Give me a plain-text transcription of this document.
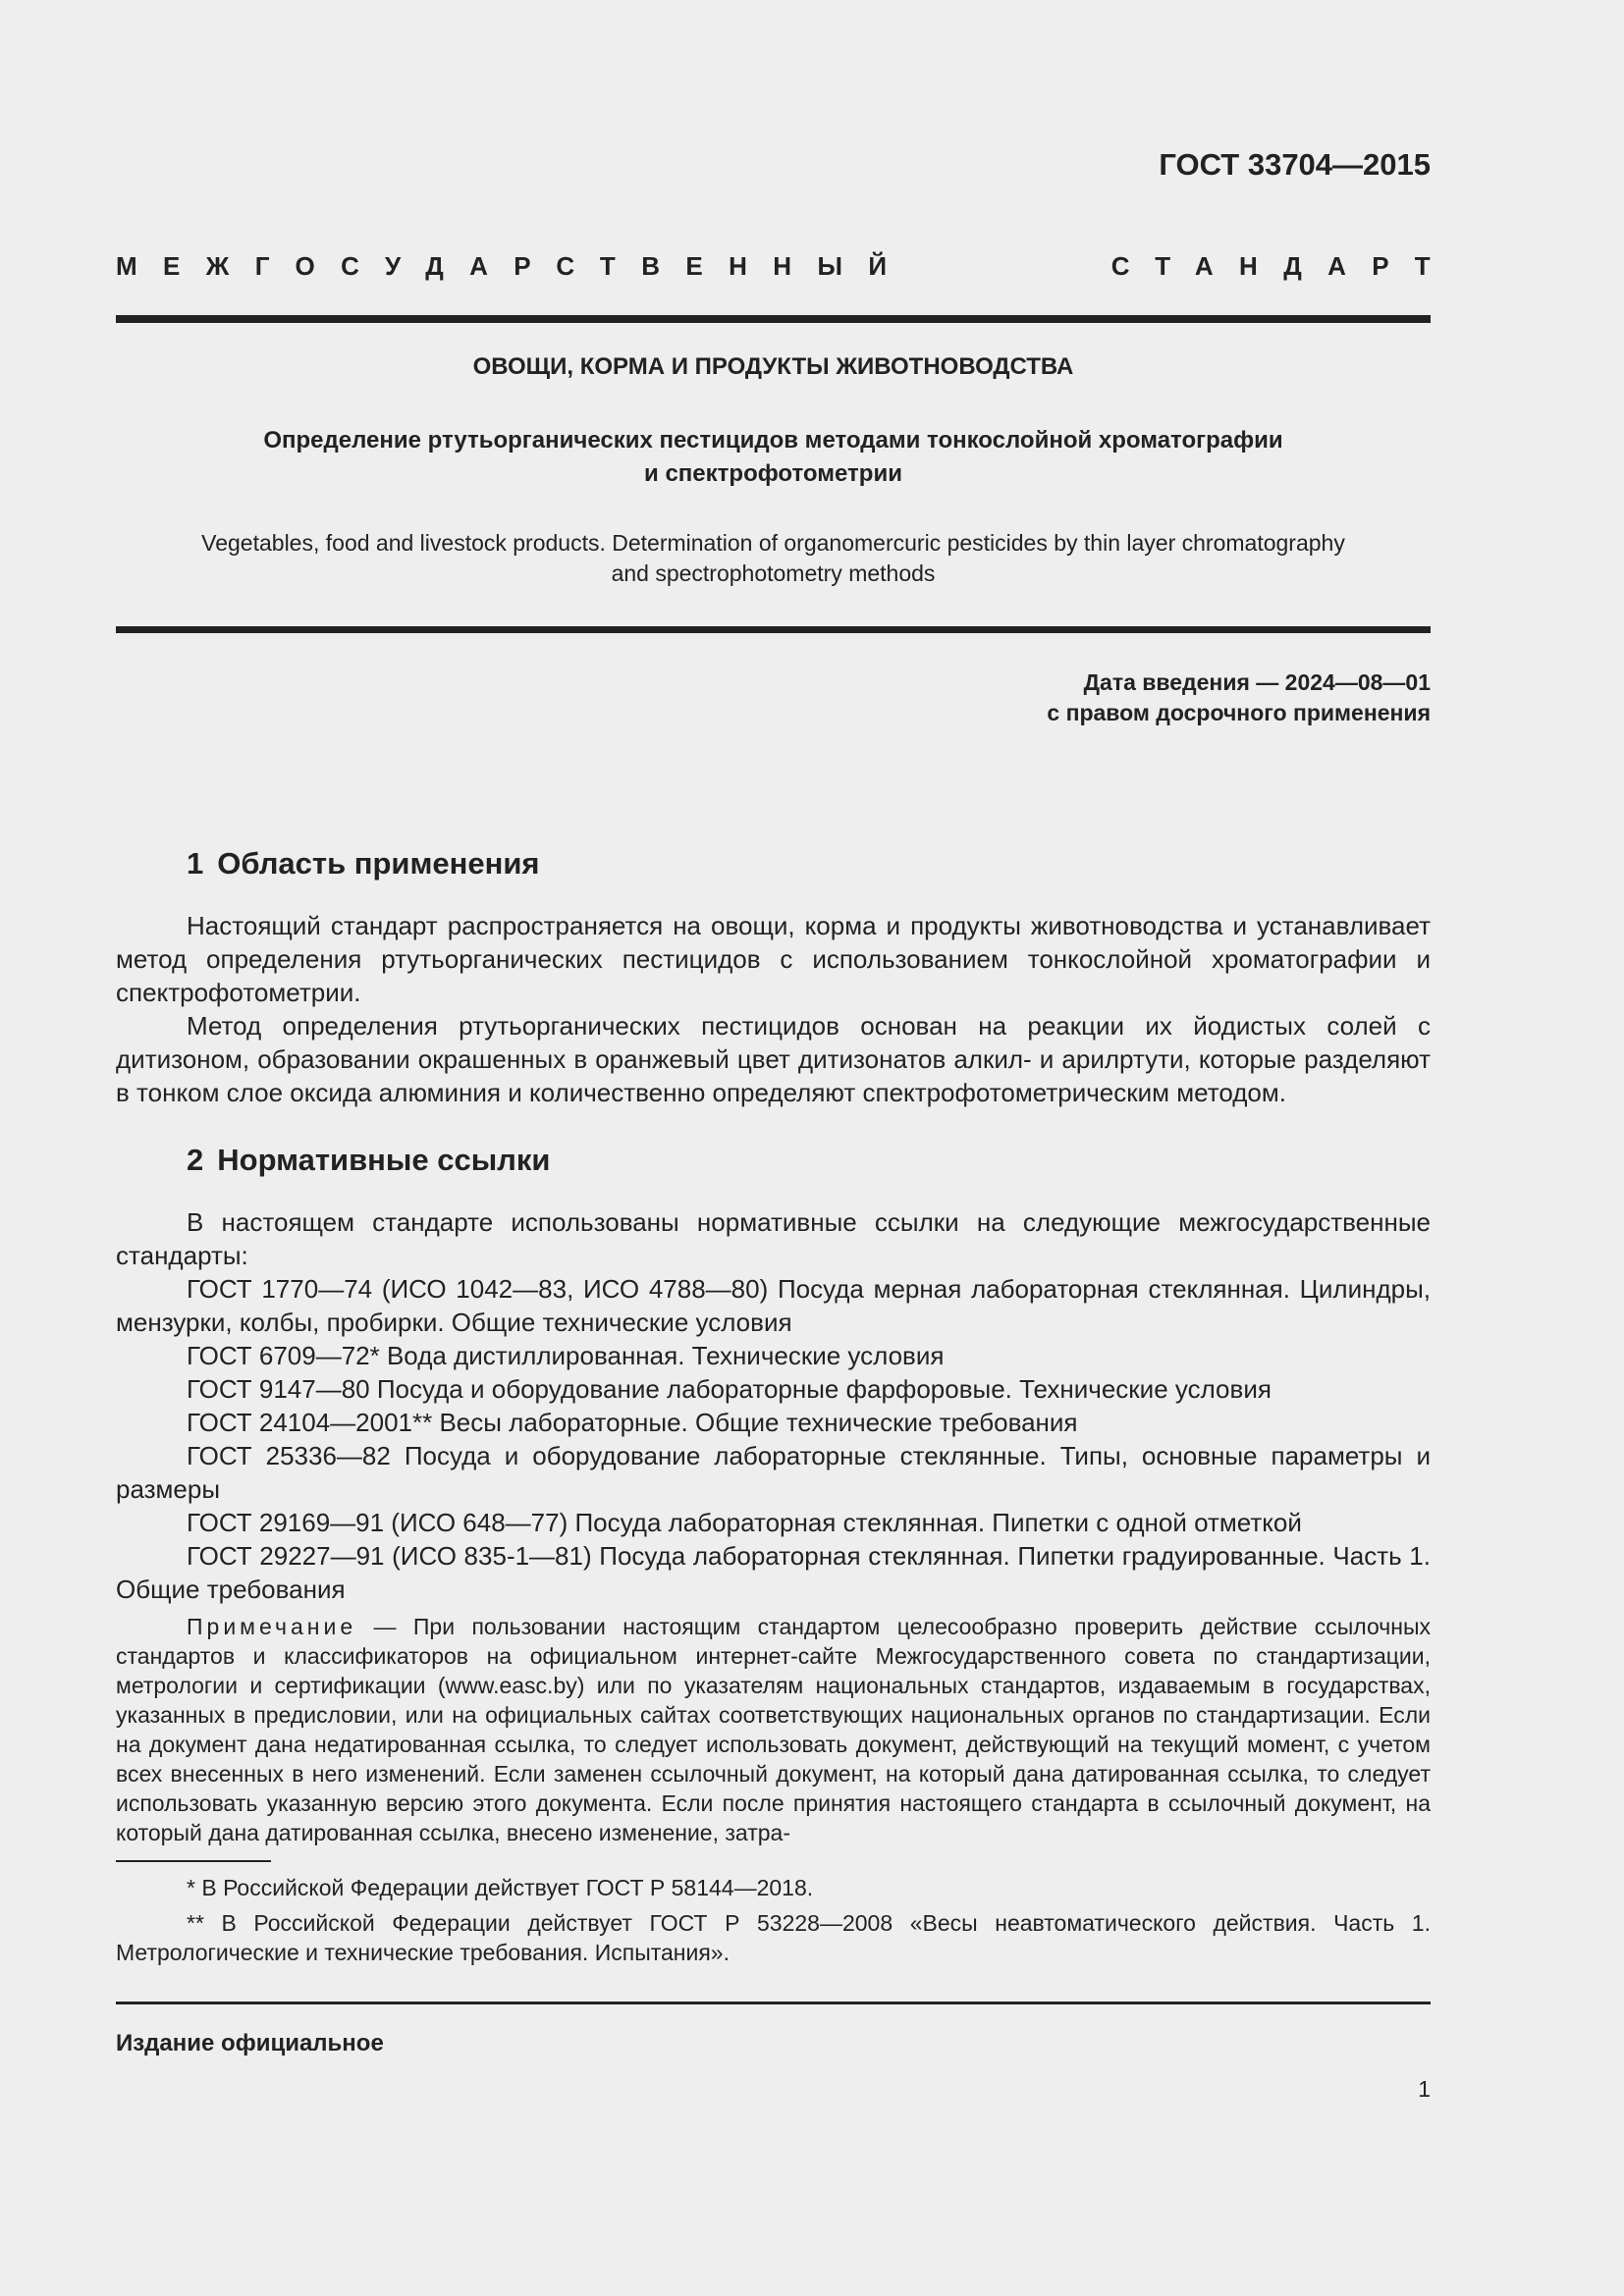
ГОСТ 33704—2015
МЕЖГОСУДАРСТВЕННЫЙ	СТАНДАРТ
ОВОЩИ, КОРМА И ПРОДУКТЫ ЖИВОТНОВОДСТВА
Определение ртутьорганических пестицидов методами тонкослойной хроматографии
и спектрофотометрии
Vegetables, food and livestock products. Determination of organomercuric pesticides by thin layer chromatography
and spectrophotometry methods
Дата введения — 2024—08—01
с правом досрочного применения
1 Область применения

Настоящий стандарт распространяется на овощи, корма и продукты животноводства и устанавливает метод определения ртутьорганических пестицидов с использованием тонкослойной хроматографии и спектрофотометрии.

Метод определения ртутьорганических пестицидов основан на реакции их йодистых солей с дитизоном, образовании окрашенных в оранжевый цвет дитизонатов алкил- и арилртути, которые разделяют в тонком слое оксида алюминия и количественно определяют спектрофотометрическим методом.

2 Нормативные ссылки

В настоящем стандарте использованы нормативные ссылки на следующие межгосударственные стандарты:

ГОСТ 1770—74 (ИСО 1042—83, ИСО 4788—80) Посуда мерная лабораторная стеклянная. Цилиндры, мензурки, колбы, пробирки. Общие технические условия

ГОСТ 6709—72* Вода дистиллированная. Технические условия

ГОСТ 9147—80 Посуда и оборудование лабораторные фарфоровые. Технические условия

ГОСТ 24104—2001** Весы лабораторные. Общие технические требования

ГОСТ 25336—82 Посуда и оборудование лабораторные стеклянные. Типы, основные параметры и размеры

ГОСТ 29169—91 (ИСО 648—77) Посуда лабораторная стеклянная. Пипетки с одной отметкой

ГОСТ 29227—91 (ИСО 835-1—81) Посуда лабораторная стеклянная. Пипетки градуированные. Часть 1. Общие требования

Примечание — При пользовании настоящим стандартом целесообразно проверить действие ссылочных стандартов и классификаторов на официальном интернет-сайте Межгосударственного совета по стандартизации, метрологии и сертификации (www.easc.by) или по указателям национальных стандартов, издаваемым в государствах, указанных в предисловии, или на официальных сайтах соответствующих национальных органов по стандартизации. Если на документ дана недатированная ссылка, то следует использовать документ, действующий на текущий момент, с учетом всех внесенных в него изменений. Если заменен ссылочный документ, на который дана датированная ссылка, то следует использовать указанную версию этого документа. Если после принятия настоящего стандарта в ссылочный документ, на который дана датированная ссылка, внесено изменение, затра-

* В Российской Федерации действует ГОСТ Р 58144—2018.

** В Российской Федерации действует ГОСТ Р 53228—2008 «Весы неавтоматического действия. Часть 1. Метрологические и технические требования. Испытания».

Издание официальное
1
